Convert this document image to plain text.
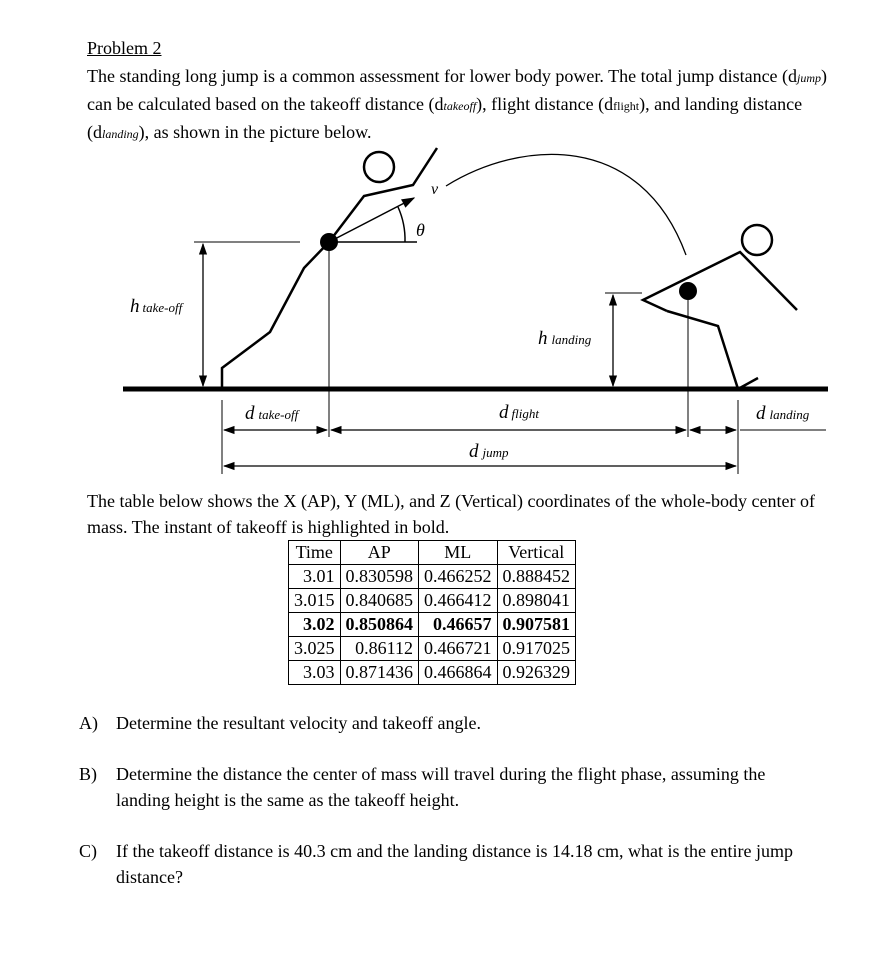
Problem 2
The standing long jump is a common assessment for lower body power. The total jump distance (djump) can be calculated based on the takeoff distance (dtakeoff), flight distance (dflight), and landing distance (dlanding), as shown in the picture below.
v
θ
h take-off
h landing
d take-off	d flight	d landing
d jump
The table below shows the X (AP), Y (ML), and Z (Vertical) coordinates of the whole-body center of mass. The instant of takeoff is highlighted in bold.
Time	AP	ML	Vertical
3.01	0.830598	0.466252	0.888452
3.015	0.840685	0.466412	0.898041
3.02	0.850864	0.46657	0.907581
3.025	0.86112	0.466721	0.917025
3.03	0.871436	0.466864	0.926329
A) Determine the resultant velocity and takeoff angle.
B) Determine the distance the center of mass will travel during the flight phase, assuming the landing height is the same as the takeoff height.
C) If the takeoff distance is 40.3 cm and the landing distance is 14.18 cm, what is the entire jump distance?
